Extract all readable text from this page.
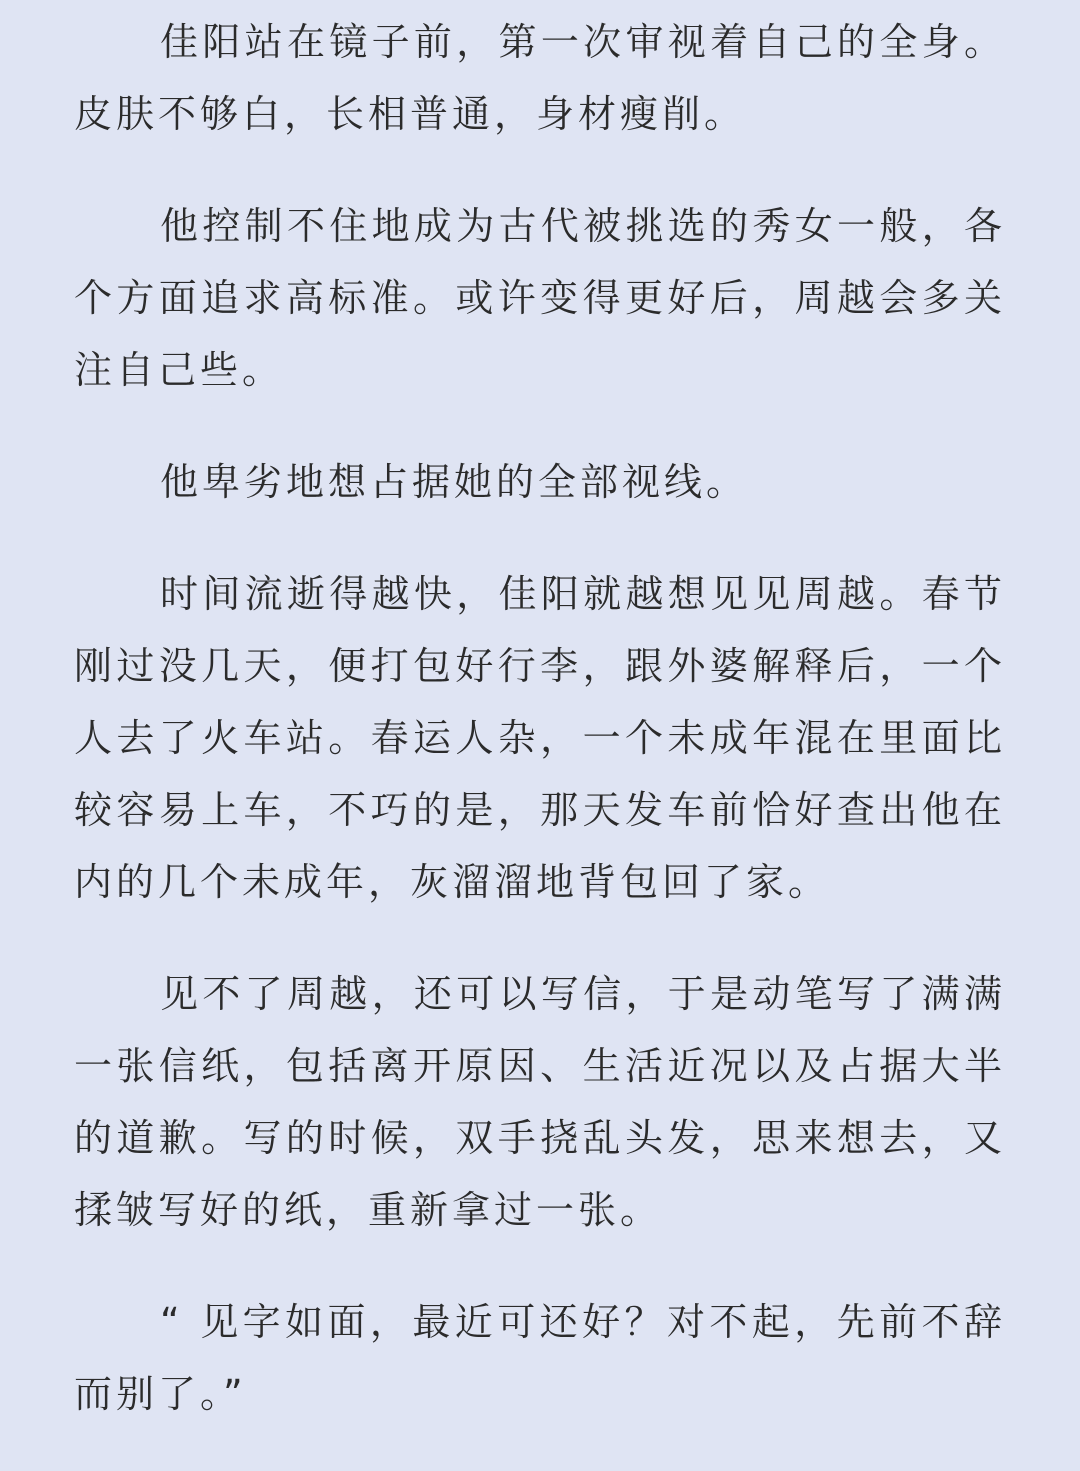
佳阳站在镜子前，第一次审视着自己的全身。皮肤不够白，长相普通，身材瘦削。

他控制不住地成为古代被挑选的秀女一般，各个方面追求高标准。或许变得更好后，周越会多关注自己些。

他卑劣地想占据她的全部视线。

时间流逝得越快，佳阳就越想见见周越。春节刚过没几天，便打包好行李，跟外婆解释后，一个人去了火车站。春运人杂，一个未成年混在里面比较容易上车，不巧的是，那天发车前恰好查出他在内的几个未成年，灰溜溜地背包回了家。

见不了周越，还可以写信，于是动笔写了满满一张信纸，包括离开原因、生活近况以及占据大半的道歉。写的时候，双手挠乱头发，思来想去，又揉皱写好的纸，重新拿过一张。

“ 见字如面，最近可还好？对不起，先前不辞而别了。”
